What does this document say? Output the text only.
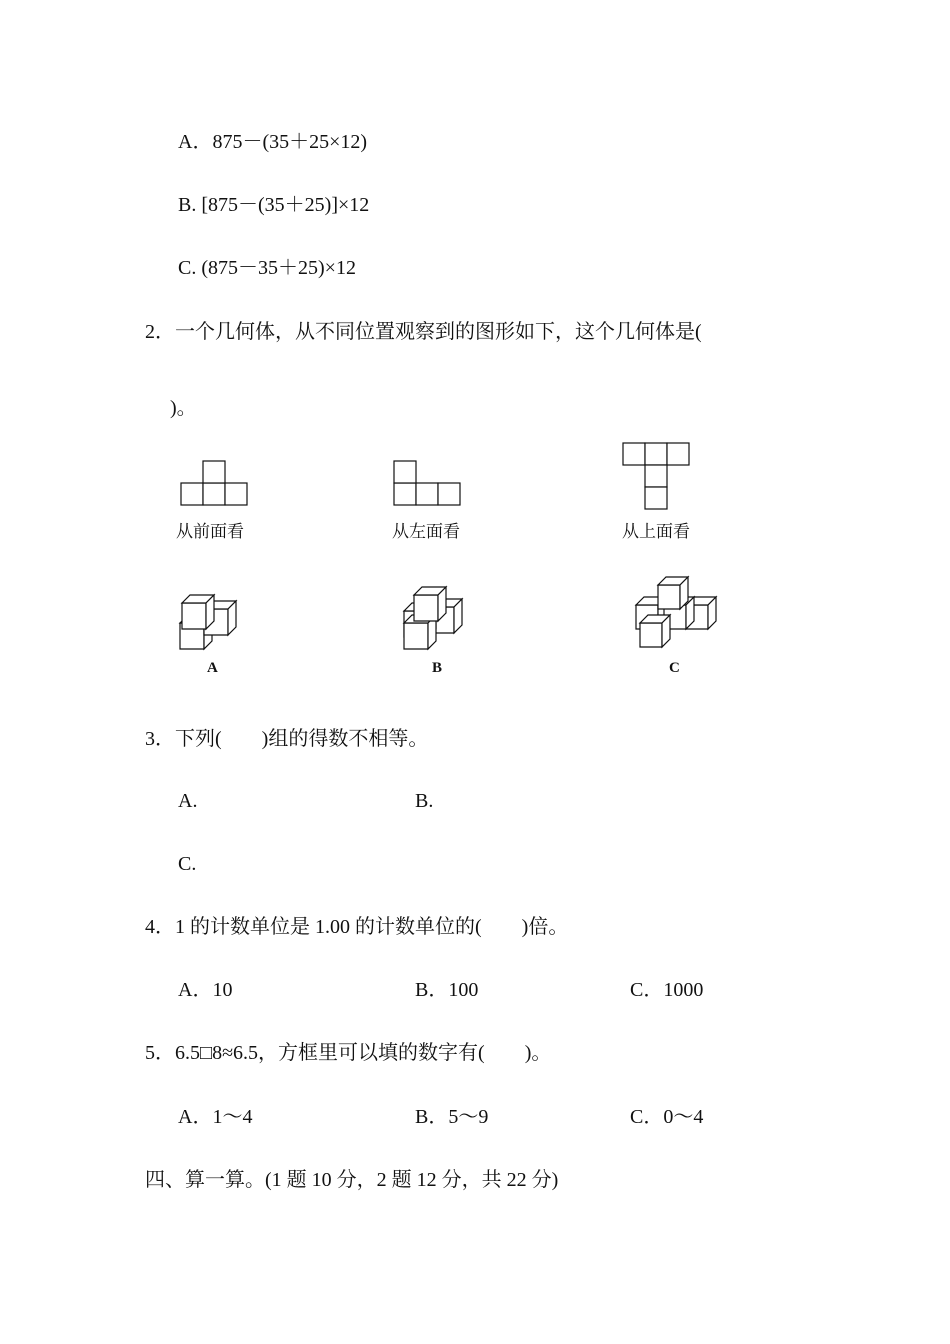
A．875－(35＋25×12)
B. [875－(35＋25)]×12
C. (875－35＋25)×12
2．一个几何体，从不同位置观察到的图形如下，这个几何体是(
)。
从前面看	从左面看	从上面看
A	B	C
3．下列(　　)组的得数不相等。
A.	B.
C.
4．1 的计数单位是 1.00 的计数单位的(　　)倍。
A．10	B．100	C．1000
5．6.5□8≈6.5，方框里可以填的数字有(　　)。
A．1～4	B．5～9	C．0～4
四、算一算。(1 题 10 分，2 题 12 分，共 22 分)
